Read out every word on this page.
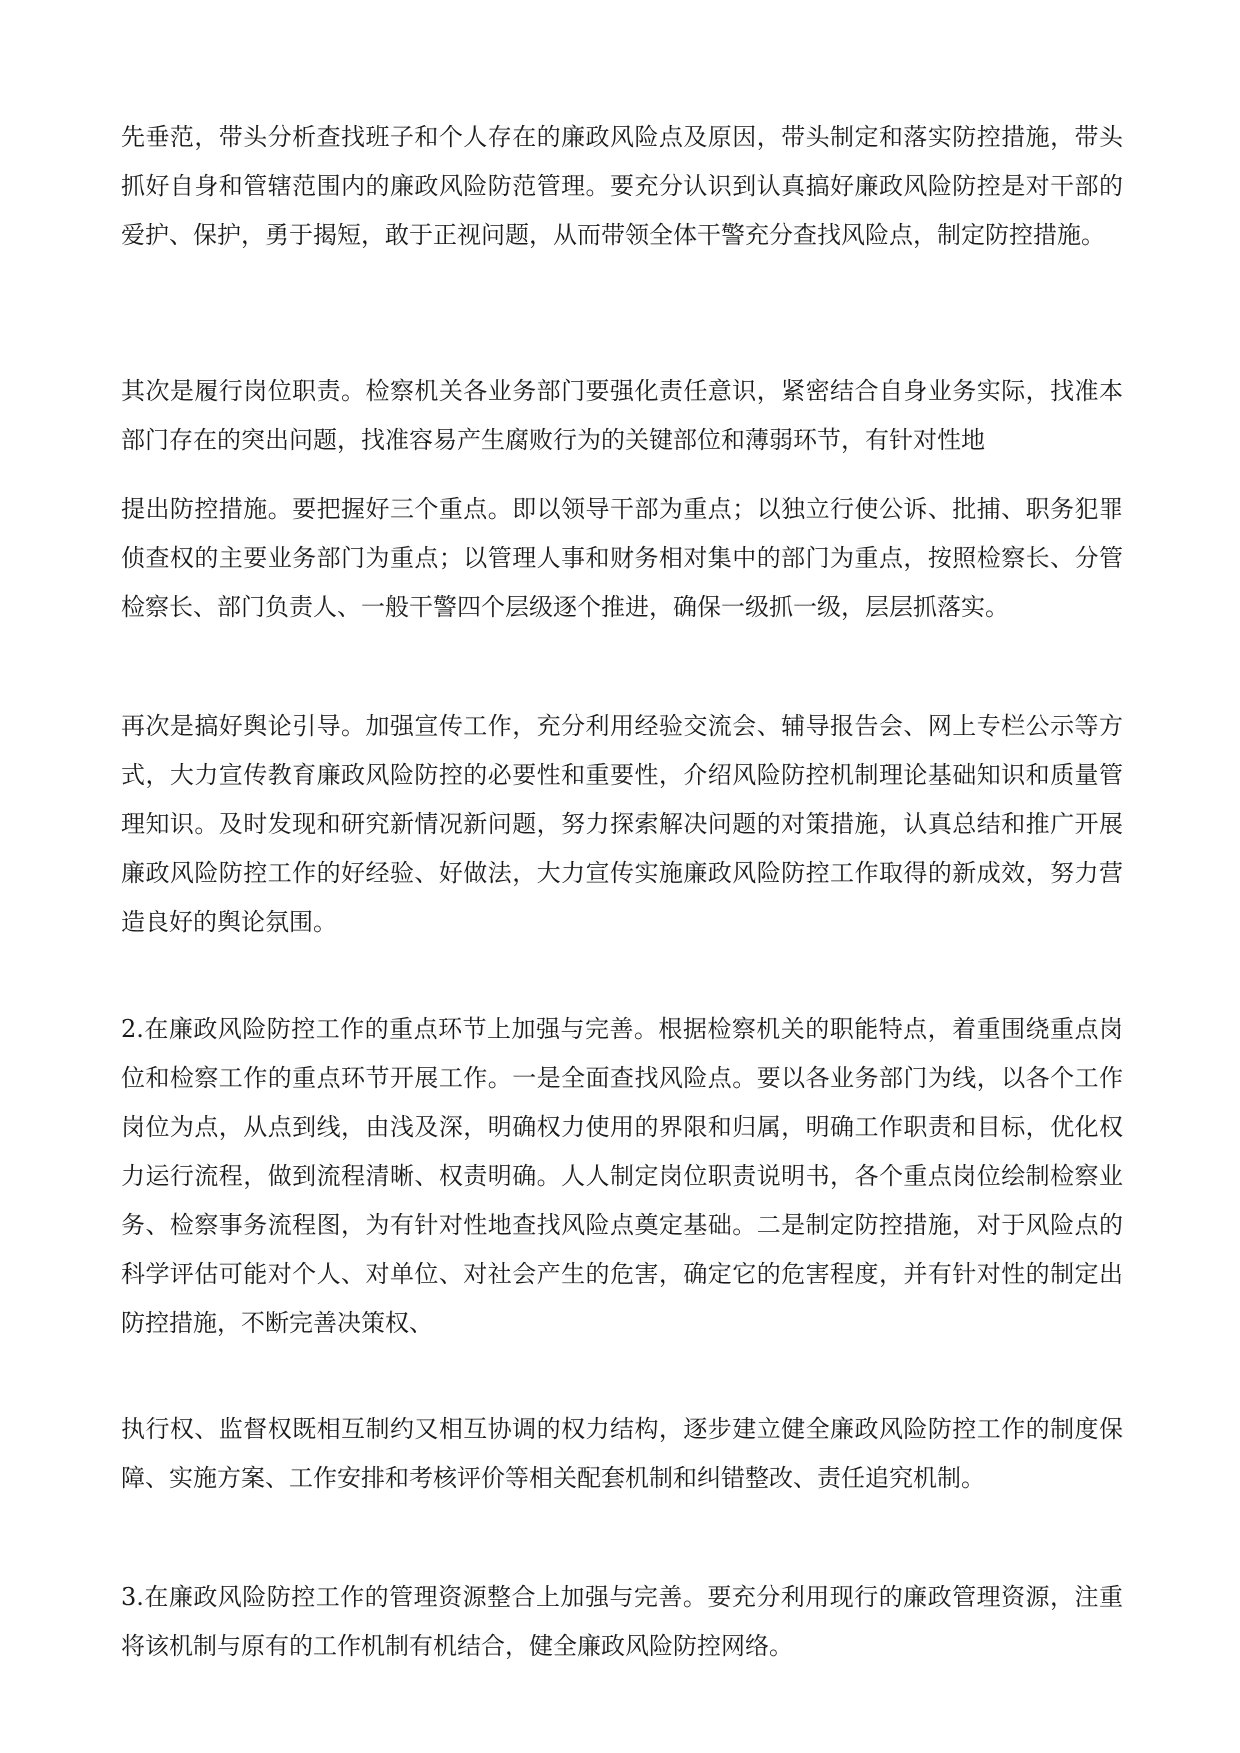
先垂范，带头分析查找班子和个人存在的廉政风险点及原因，带头制定和落实防控措施，带头抓好自身和管辖范围内的廉政风险防范管理。要充分认识到认真搞好廉政风险防控是对干部的爱护、保护，勇于揭短，敢于正视问题，从而带领全体干警充分查找风险点，制定防控措施。

其次是履行岗位职责。检察机关各业务部门要强化责任意识，紧密结合自身业务实际，找准本部门存在的突出问题，找准容易产生腐败行为的关键部位和薄弱环节，有针对性地

提出防控措施。要把握好三个重点。即以领导干部为重点；以独立行使公诉、批捕、职务犯罪侦查权的主要业务部门为重点；以管理人事和财务相对集中的部门为重点，按照检察长、分管检察长、部门负责人、一般干警四个层级逐个推进，确保一级抓一级，层层抓落实。

再次是搞好舆论引导。加强宣传工作，充分利用经验交流会、辅导报告会、网上专栏公示等方式，大力宣传教育廉政风险防控的必要性和重要性，介绍风险防控机制理论基础知识和质量管理知识。及时发现和研究新情况新问题，努力探索解决问题的对策措施，认真总结和推广开展廉政风险防控工作的好经验、好做法，大力宣传实施廉政风险防控工作取得的新成效，努力营造良好的舆论氛围。

2.在廉政风险防控工作的重点环节上加强与完善。根据检察机关的职能特点，着重围绕重点岗位和检察工作的重点环节开展工作。一是全面查找风险点。要以各业务部门为线，以各个工作岗位为点，从点到线，由浅及深，明确权力使用的界限和归属，明确工作职责和目标，优化权力运行流程，做到流程清晰、权责明确。人人制定岗位职责说明书，各个重点岗位绘制检察业务、检察事务流程图，为有针对性地查找风险点奠定基础。二是制定防控措施，对于风险点的科学评估可能对个人、对单位、对社会产生的危害，确定它的危害程度，并有针对性的制定出防控措施，不断完善决策权、

执行权、监督权既相互制约又相互协调的权力结构，逐步建立健全廉政风险防控工作的制度保障、实施方案、工作安排和考核评价等相关配套机制和纠错整改、责任追究机制。

3.在廉政风险防控工作的管理资源整合上加强与完善。要充分利用现行的廉政管理资源，注重将该机制与原有的工作机制有机结合，健全廉政风险防控网络。
